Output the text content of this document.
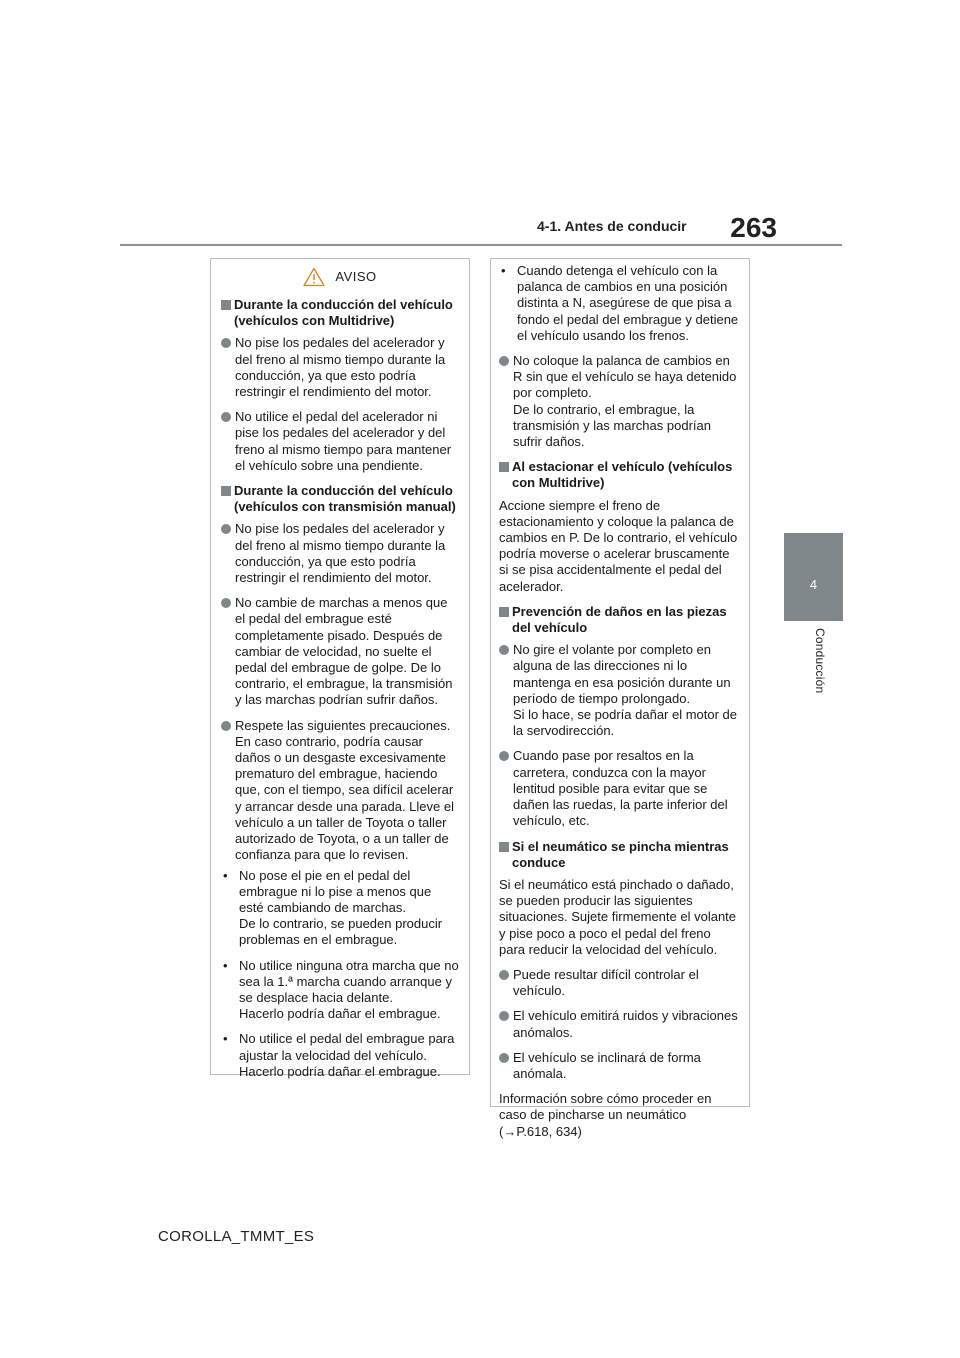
263
4-1. Antes de conducir
4
Conducción
AVISO
Durante la conducción del vehículo (vehículos con Multidrive)
No pise los pedales del acelerador y del freno al mismo tiempo durante la conducción, ya que esto podría restringir el rendimiento del motor.
No utilice el pedal del acelerador ni pise los pedales del acelerador y del freno al mismo tiempo para mantener el vehículo sobre una pendiente.
Durante la conducción del vehículo (vehículos con transmisión manual)
No pise los pedales del acelerador y del freno al mismo tiempo durante la conducción, ya que esto podría restringir el rendimiento del motor.
No cambie de marchas a menos que el pedal del embrague esté completamente pisado. Después de cambiar de velocidad, no suelte el pedal del embrague de golpe. De lo contrario, el embrague, la transmisión y las marchas podrían sufrir daños.
Respete las siguientes precauciones. En caso contrario, podría causar daños o un desgaste excesivamente prematuro del embrague, haciendo que, con el tiempo, sea difícil acelerar y arrancar desde una parada. Lleve el vehículo a un taller de Toyota o taller autorizado de Toyota, o a un taller de confianza para que lo revisen.
• No pose el pie en el pedal del embrague ni lo pise a menos que esté cambiando de marchas.
De lo contrario, se pueden producir problemas en el embrague.
• No utilice ninguna otra marcha que no sea la 1.ª marcha cuando arranque y se desplace hacia delante.
Hacerlo podría dañar el embrague.
• No utilice el pedal del embrague para ajustar la velocidad del vehículo.
Hacerlo podría dañar el embrague.
• Cuando detenga el vehículo con la palanca de cambios en una posición distinta a N, asegúrese de que pisa a fondo el pedal del embrague y detiene el vehículo usando los frenos.
No coloque la palanca de cambios en R sin que el vehículo se haya detenido por completo.
De lo contrario, el embrague, la transmisión y las marchas podrían sufrir daños.
Al estacionar el vehículo (vehículos con Multidrive)
Accione siempre el freno de estacionamiento y coloque la palanca de cambios en P. De lo contrario, el vehículo podría moverse o acelerar bruscamente si se pisa accidentalmente el pedal del acelerador.
Prevención de daños en las piezas del vehículo
No gire el volante por completo en alguna de las direcciones ni lo mantenga en esa posición durante un período de tiempo prolongado.
Si lo hace, se podría dañar el motor de la servodirección.
Cuando pase por resaltos en la carretera, conduzca con la mayor lentitud posible para evitar que se dañen las ruedas, la parte inferior del vehículo, etc.
Si el neumático se pincha mientras conduce
Si el neumático está pinchado o dañado, se pueden producir las siguientes situaciones. Sujete firmemente el volante y pise poco a poco el pedal del freno para reducir la velocidad del vehículo.
Puede resultar difícil controlar el vehículo.
El vehículo emitirá ruidos y vibraciones anómalos.
El vehículo se inclinará de forma anómala.
Información sobre cómo proceder en caso de pincharse un neumático (→P.618, 634)
COROLLA_TMMT_ES
